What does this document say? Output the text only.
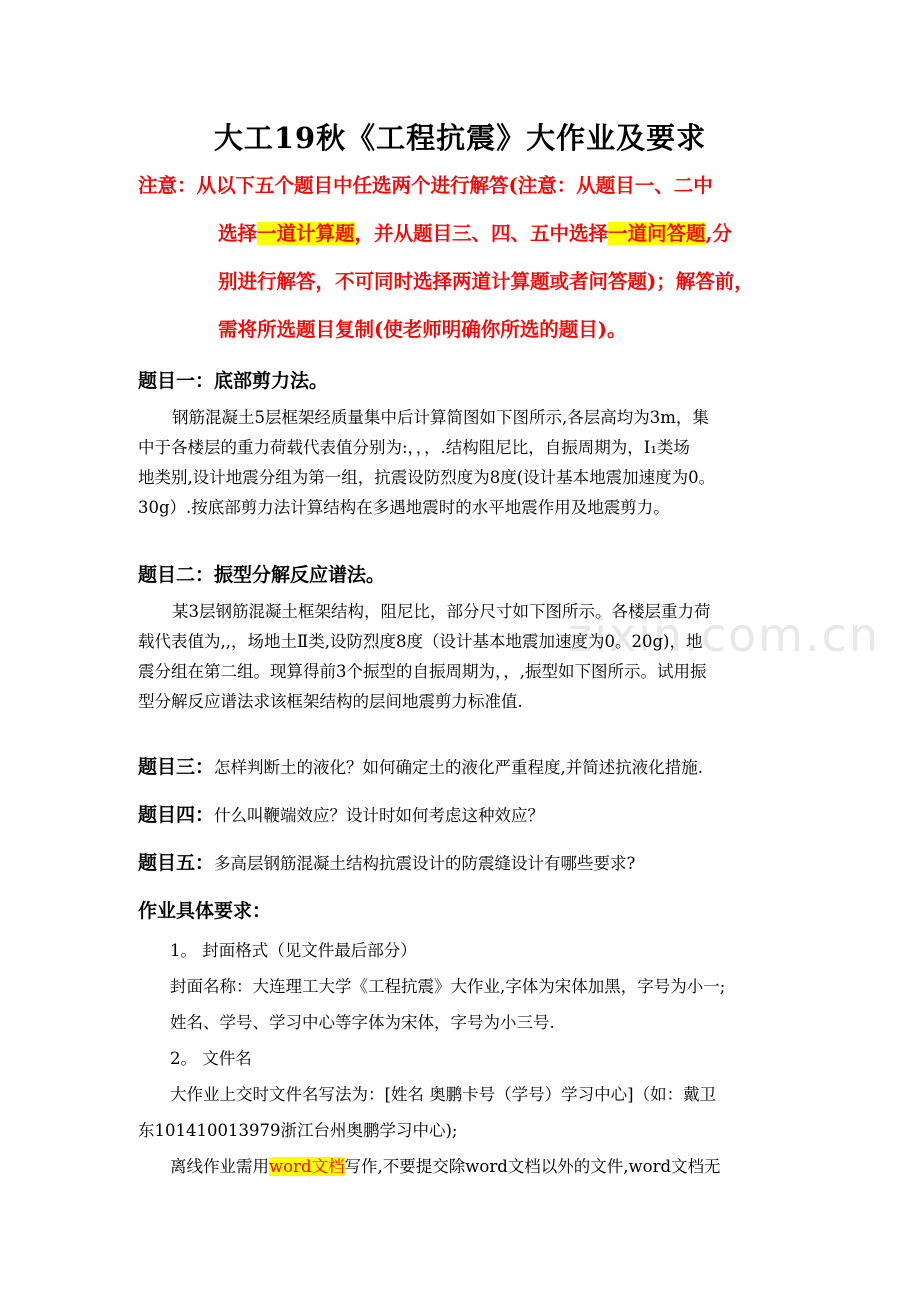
zixin.com.cn
大工19秋《工程抗震》大作业及要求
注意：从以下五个题目中任选两个进行解答(注意：从题目一、二中
选择一道计算题，并从题目三、四、五中选择一道问答题,分
别进行解答，不可同时选择两道计算题或者问答题)；解答前，
需将所选题目复制(使老师明确你所选的题目)。
题目一：底部剪力法。
钢筋混凝土5层框架经质量集中后计算简图如下图所示,各层高均为3m，集
中于各楼层的重力荷载代表值分别为:，，，.结构阻尼比，自振周期为，Ⅰ₁类场
地类别,设计地震分组为第一组，抗震设防烈度为8度(设计基本地震加速度为0。
30g）.按底部剪力法计算结构在多遇地震时的水平地震作用及地震剪力。
题目二：振型分解反应谱法。
某3层钢筋混凝土框架结构，阻尼比，部分尺寸如下图所示。各楼层重力荷
载代表值为,,，场地土Ⅱ类,设防烈度8度（设计基本地震加速度为0。20g)，地
震分组在第二组。现算得前3个振型的自振周期为，，,振型如下图所示。试用振
型分解反应谱法求该框架结构的层间地震剪力标准值.
题目三：怎样判断土的液化？如何确定土的液化严重程度,并简述抗液化措施.
题目四：什么叫鞭端效应？设计时如何考虑这种效应？
题目五：多高层钢筋混凝土结构抗震设计的防震缝设计有哪些要求?
作业具体要求：
1。 封面格式（见文件最后部分）
封面名称：大连理工大学《工程抗震》大作业,字体为宋体加黑，字号为小一;
姓名、学号、学习中心等字体为宋体，字号为小三号.
2。 文件名
大作业上交时文件名写法为：[姓名 奥鹏卡号（学号）学习中心]（如：戴卫
东101410013979浙江台州奥鹏学习中心);
离线作业需用word文档写作,不要提交除word文档以外的文件,word文档无
